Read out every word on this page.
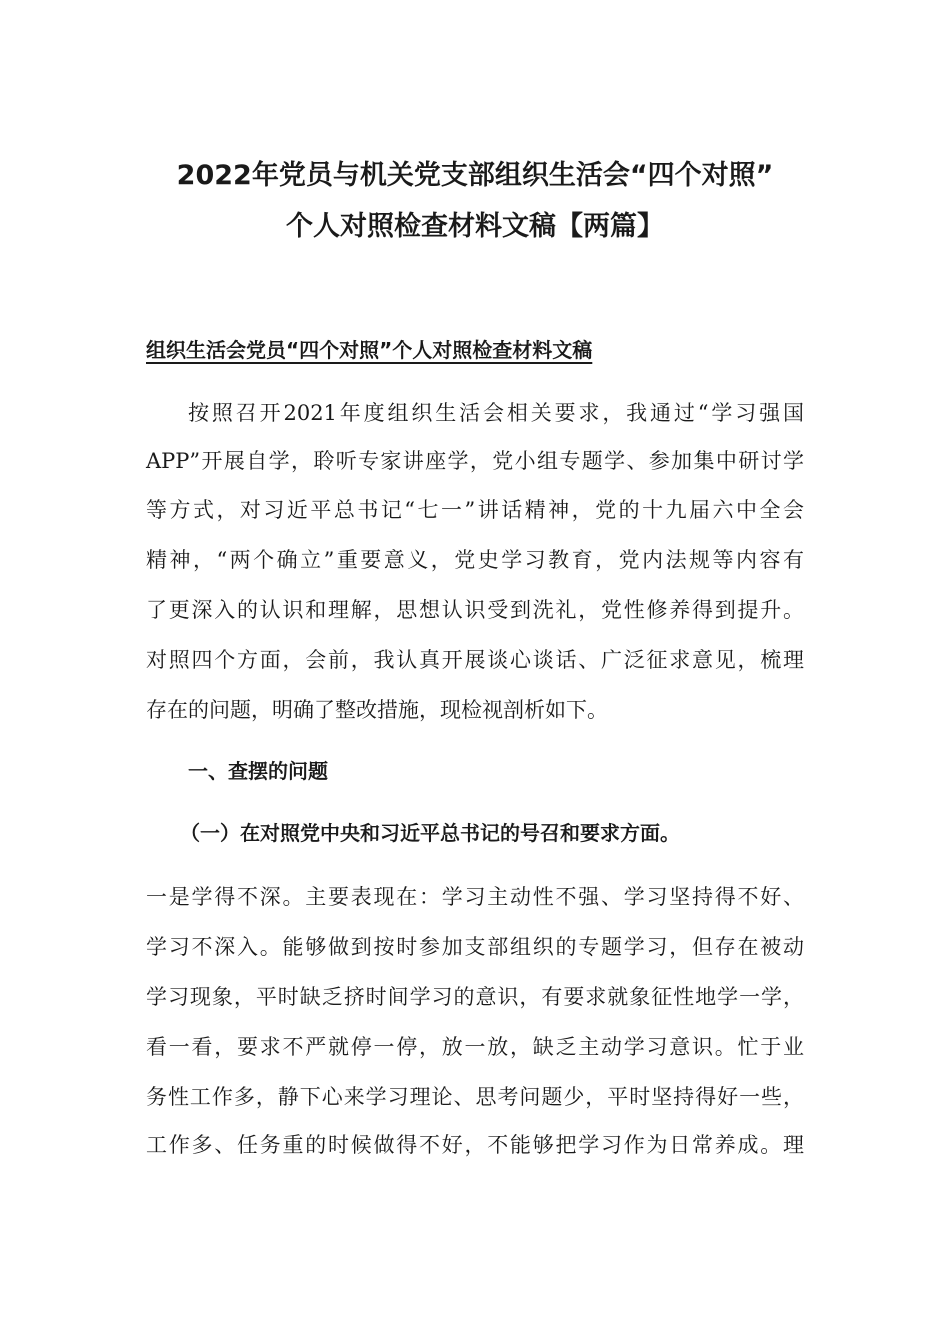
2022年党员与机关党支部组织生活会“四个对照”
个人对照检查材料文稿【两篇】
组织生活会党员“四个对照”个人对照检查材料文稿
按照召开2021年度组织生活会相关要求，我通过“学习强国
APP”开展自学，聆听专家讲座学，党小组专题学、参加集中研讨学
等方式，对习近平总书记“七一”讲话精神，党的十九届六中全会
精神，“两个确立”重要意义，党史学习教育，党内法规等内容有
了更深入的认识和理解，思想认识受到洗礼，党性修养得到提升。
对照四个方面，会前，我认真开展谈心谈话、广泛征求意见，梳理
存在的问题，明确了整改措施，现检视剖析如下。
一、查摆的问题
（一）在对照党中央和习近平总书记的号召和要求方面。
一是学得不深。主要表现在：学习主动性不强、学习坚持得不好、
学习不深入。能够做到按时参加支部组织的专题学习，但存在被动
学习现象，平时缺乏挤时间学习的意识，有要求就象征性地学一学，
看一看，要求不严就停一停，放一放，缺乏主动学习意识。忙于业
务性工作多，静下心来学习理论、思考问题少，平时坚持得好一些，
工作多、任务重的时候做得不好，不能够把学习作为日常养成。理
